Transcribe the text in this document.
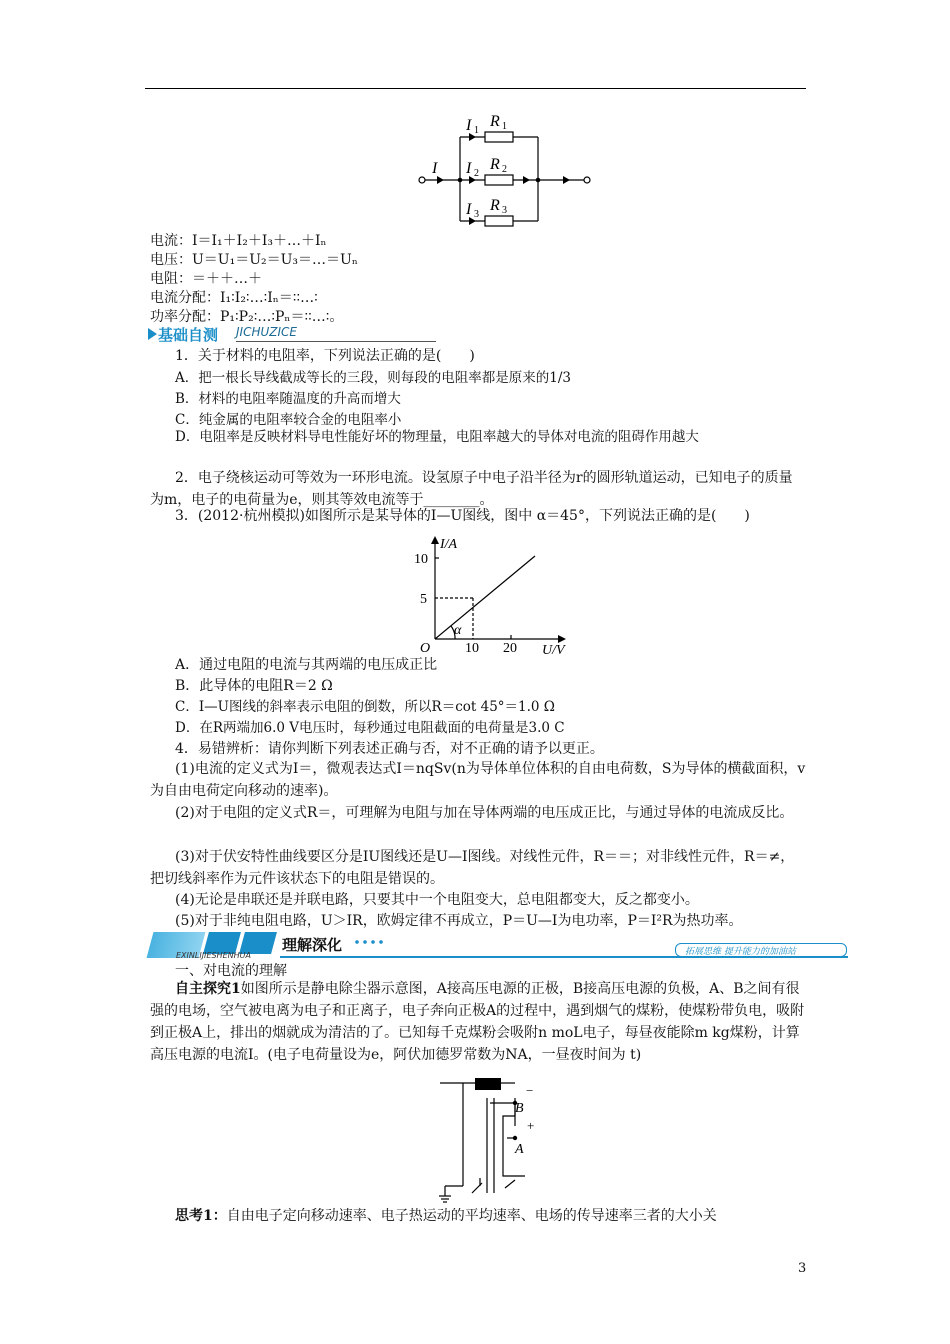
I
I
I
I
R
R
R
1
2
3
1
2
3
电流：I＝I₁＋I₂＋I₃＋…＋Iₙ
电压：U＝U₁＝U₂＝U₃＝…＝Uₙ
电阻：＝＋＋…＋
电流分配：I₁∶I₂∶…∶Iₙ＝∶∶…∶
功率分配：P₁∶P₂∶…∶Pₙ＝∶∶…∶。
基础自测 JICHUZICE
1．关于材料的电阻率，下列说法正确的是(　　)
A．把一根长导线截成等长的三段，则每段的电阻率都是原来的1/3
B．材料的电阻率随温度的升高而增大
C．纯金属的电阻率较合金的电阻率小
D．电阻率是反映材料导电性能好坏的物理量，电阻率越大的导体对电流的阻碍作用越大
2．电子绕核运动可等效为一环形电流。设氢原子中电子沿半径为r的圆形轨道运动，已知电子的质量为m，电子的电荷量为e，则其等效电流等于________。
3．(2012·杭州模拟)如图所示是某导体的I—U图线，图中 α＝45°，下列说法正确的是(　　)
I/A
U/V
10
5
10 20
O
α
A．通过电阻的电流与其两端的电压成正比
B．此导体的电阻R＝2 Ω
C．I—U图线的斜率表示电阻的倒数，所以R＝cot 45°＝1.0 Ω
D．在R两端加6.0 V电压时，每秒通过电阻截面的电荷量是3.0 C
4．易错辨析：请你判断下列表述正确与否，对不正确的请予以更正。
(1)电流的定义式为I＝，微观表达式I＝nqSv(n为导体单位体积的自由电荷数，S为导体的横截面积，v为自由电荷定向移动的速率)。
(2)对于电阻的定义式R＝，可理解为电阻与加在导体两端的电压成正比，与通过导体的电流成反比。
(3)对于伏安特性曲线要区分是IU图线还是U—I图线。对线性元件，R＝＝；对非线性元件，R＝≠，把切线斜率作为元件该状态下的电阻是错误的。
(4)无论是串联还是并联电路，只要其中一个电阻变大，总电阻都变大，反之都变小。
(5)对于非纯电阻电路，U＞IR，欧姆定律不再成立，P＝U—I为电功率，P＝I²R为热功率。
理解深化
EXINLIJIESHENHUA	拓展思维 提升能力的加油站
一、对电流的理解
自主探究1如图所示是静电除尘器示意图，A接高压电源的正极，B接高压电源的负极，A、B之间有很强的电场，空气被电离为电子和正离子，电子奔向正极A的过程中，遇到烟气的煤粉，使煤粉带负电，吸附到正极A上，排出的烟就成为清洁的了。已知每千克煤粉会吸附n moL电子，每昼夜能除m kg煤粉，计算高压电源的电流I。(电子电荷量设为e，阿伏加德罗常数为NA，一昼夜时间为 t)
B
A
−
+
思考1：自由电子定向移动速率、电子热运动的平均速率、电场的传导速率三者的大小关
3
